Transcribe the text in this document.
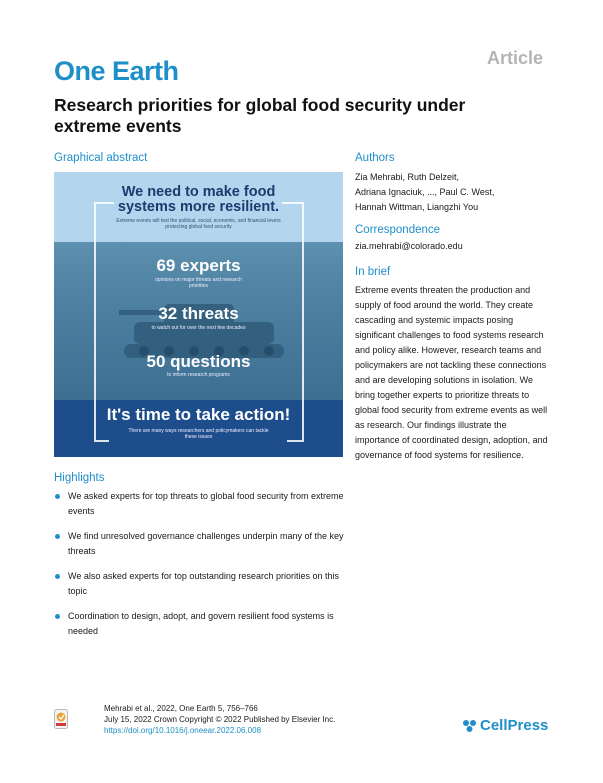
Article
One Earth
Research priorities for global food security under extreme events
Graphical abstract
We need to make food systems more resilient.
Extreme events will test the political, social, economic, and financial levers protecting global food security
69 experts
opinions on major threats and research priorities
32 threats
to watch out for over the next few decades
50 questions
to inform research programs
It's time to take action!
There are many ways researchers and policymakers can tackle these issues
Authors
Zia Mehrabi, Ruth Delzeit,
Adriana Ignaciuk, ..., Paul C. West,
Hannah Wittman, Liangzhi You
Correspondence
zia.mehrabi@colorado.edu
In brief
Extreme events threaten the production and supply of food around the world. They create cascading and systemic impacts posing significant challenges to food systems research and policy alike. However, research teams and policymakers are not tackling these connections and are developing solutions in isolation. We bring together experts to prioritize threats to global food security from extreme events as well as research. Our findings illustrate the importance of coordinated design, adoption, and governance of food systems for resilience.
Highlights
We asked experts for top threats to global food security from extreme events
We find unresolved governance challenges underpin many of the key threats
We also asked experts for top outstanding research priorities on this topic
Coordination to design, adopt, and govern resilient food systems is needed
Mehrabi et al., 2022, One Earth 5, 756–766
July 15, 2022 Crown Copyright © 2022 Published by Elsevier Inc.
https://doi.org/10.1016/j.oneear.2022.06.008	CellPress
